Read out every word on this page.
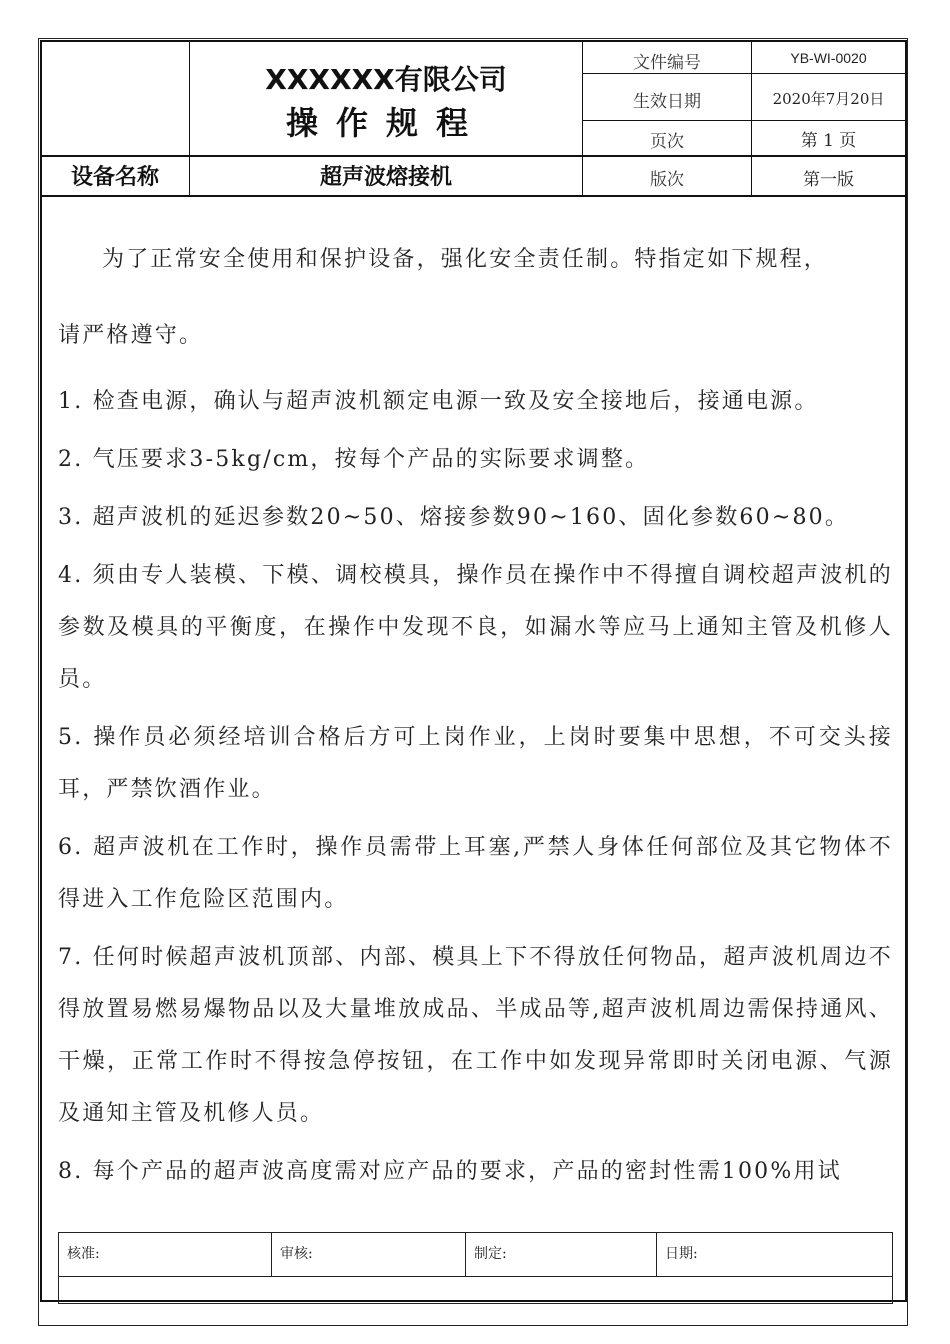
XXXXXX有限公司
操作规程
文件编号	YB-WI-0020
生效日期	2020年7月20日
页次	第 1 页
版次	第一版
设备名称	超声波熔接机

为了正常安全使用和保护设备，强化安全责任制。特指定如下规程，

请严格遵守。

1. 检查电源，确认与超声波机额定电源一致及安全接地后，接通电源。

2. 气压要求3-5kg/cm，按每个产品的实际要求调整。

3. 超声波机的延迟参数20~50、熔接参数90~160、固化参数60~80。

4. 须由专人装模、下模、调校模具，操作员在操作中不得擅自调校超声波机的参数及模具的平衡度，在操作中发现不良，如漏水等应马上通知主管及机修人员。

5. 操作员必须经培训合格后方可上岗作业，上岗时要集中思想，不可交头接耳，严禁饮酒作业。

6. 超声波机在工作时，操作员需带上耳塞,严禁人身体任何部位及其它物体不得进入工作危险区范围内。

7. 任何时候超声波机顶部、内部、模具上下不得放任何物品，超声波机周边不得放置易燃易爆物品以及大量堆放成品、半成品等,超声波机周边需保持通风、干燥，正常工作时不得按急停按钮，在工作中如发现异常即时关闭电源、气源及通知主管及机修人员。

8. 每个产品的超声波高度需对应产品的要求，产品的密封性需100%用试

核准:	审核:	制定:	日期:
